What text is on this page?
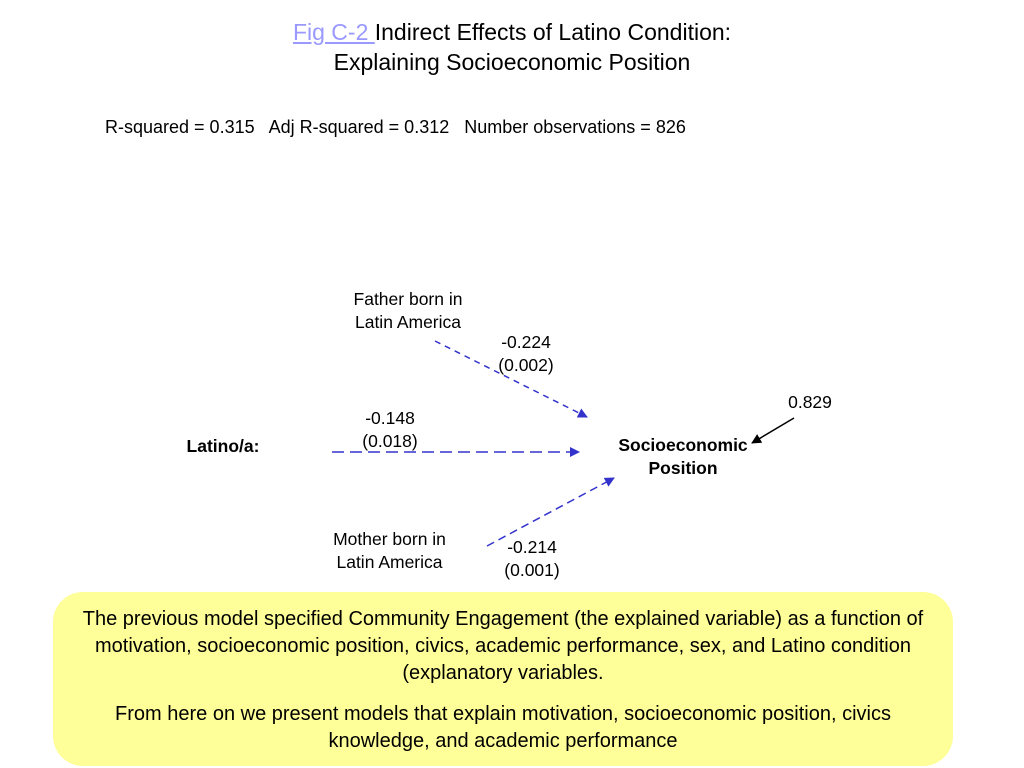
Fig C-2 Indirect Effects of Latino Condition:
Explaining Socioeconomic Position
R-squared = 0.315   Adj R-squared = 0.312   Number observations = 826
Father born in
Latin America
-0.224
(0.002)
Latino/a:
-0.148
(0.018)	Socioeconomic
Position
0.829
Mother born in
Latin America
-0.214
(0.001)

The previous model specified Community Engagement (the explained variable) as a function of motivation, socioeconomic position, civics, academic performance, sex, and Latino condition (explanatory variables.

From here on we present models that explain motivation, socioeconomic position, civics knowledge, and academic performance
